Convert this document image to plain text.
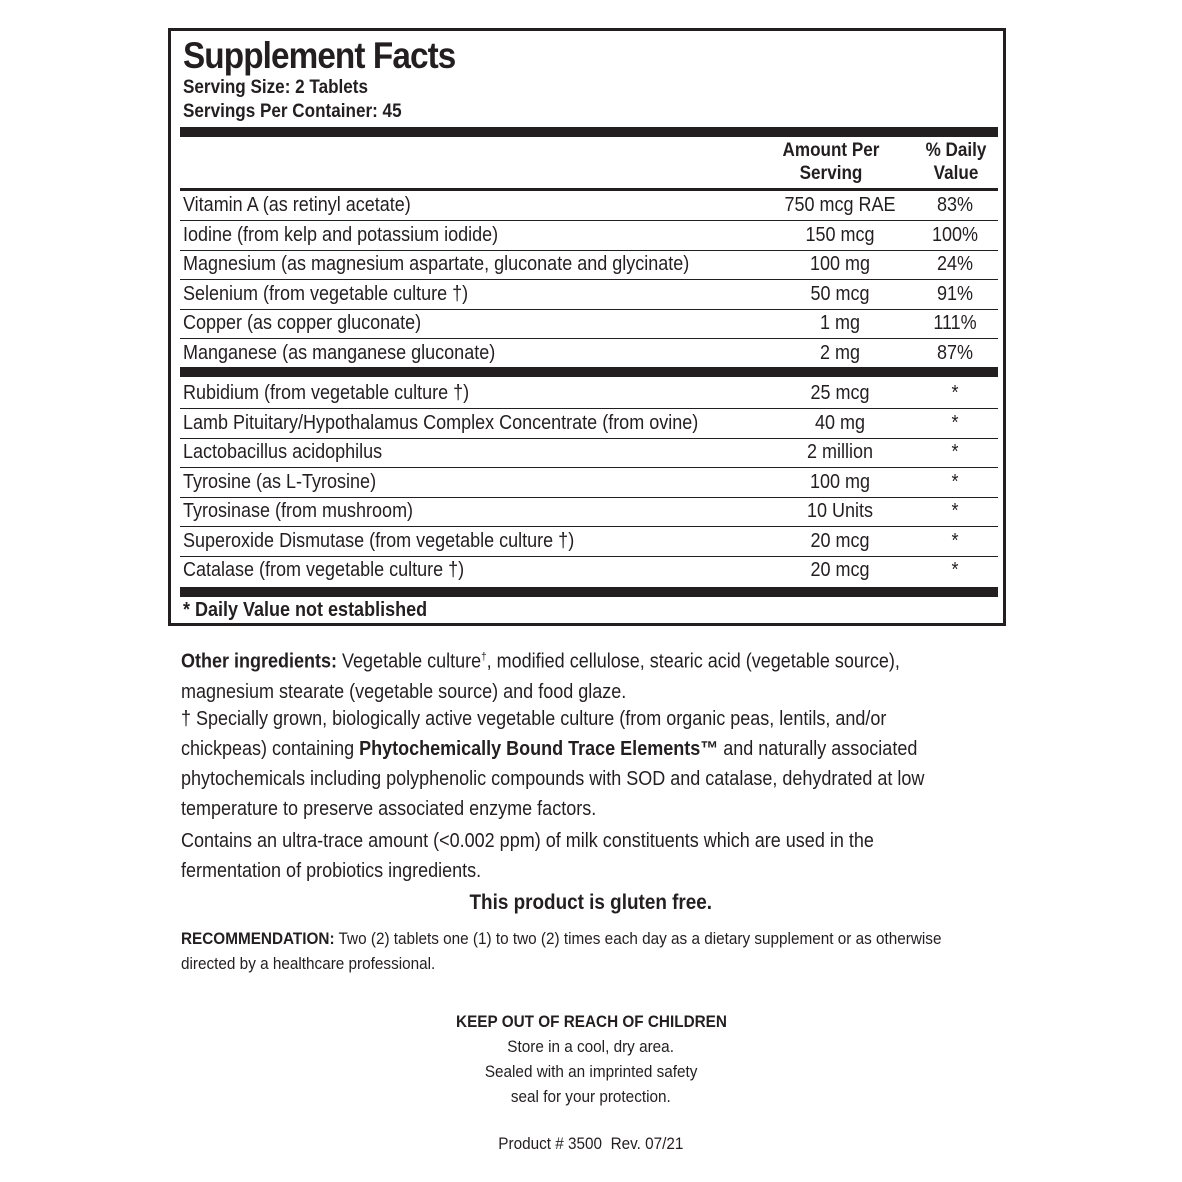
Supplement Facts
Serving Size: 2 Tablets
Servings Per Container: 45
Amount Per
Serving
% Daily
Value
Vitamin A (as retinyl acetate)	750 mcg RAE	83%
Iodine (from kelp and potassium iodide)	150 mcg	100%
Magnesium (as magnesium aspartate, gluconate and glycinate)	100 mg	24%
Selenium (from vegetable culture †)	50 mcg	91%
Copper (as copper gluconate)	1 mg	111%
Manganese (as manganese gluconate)	2 mg	87%
Rubidium (from vegetable culture †)	25 mcg	*
Lamb Pituitary/Hypothalamus Complex Concentrate (from ovine)	40 mg	*
Lactobacillus acidophilus	2 million	*
Tyrosine (as L-Tyrosine)	100 mg	*
Tyrosinase (from mushroom)	10 Units	*
Superoxide Dismutase (from vegetable culture †)	20 mcg	*
Catalase (from vegetable culture †)	20 mcg	*
* Daily Value not established
Other ingredients: Vegetable culture†, modified cellulose, stearic acid (vegetable source), magnesium stearate (vegetable source) and food glaze.
† Specially grown, biologically active vegetable culture (from organic peas, lentils, and/or chickpeas) containing Phytochemically Bound Trace Elements™ and naturally associated phytochemicals including polyphenolic compounds with SOD and catalase, dehydrated at low temperature to preserve associated enzyme factors.
Contains an ultra-trace amount (<0.002 ppm) of milk constituents which are used in the fermentation of probiotics ingredients.
This product is gluten free.
RECOMMENDATION: Two (2) tablets one (1) to two (2) times each day as a dietary supplement or as otherwise directed by a healthcare professional.
KEEP OUT OF REACH OF CHILDREN
Store in a cool, dry area.
Sealed with an imprinted safety
seal for your protection.
Product # 3500  Rev. 07/21
